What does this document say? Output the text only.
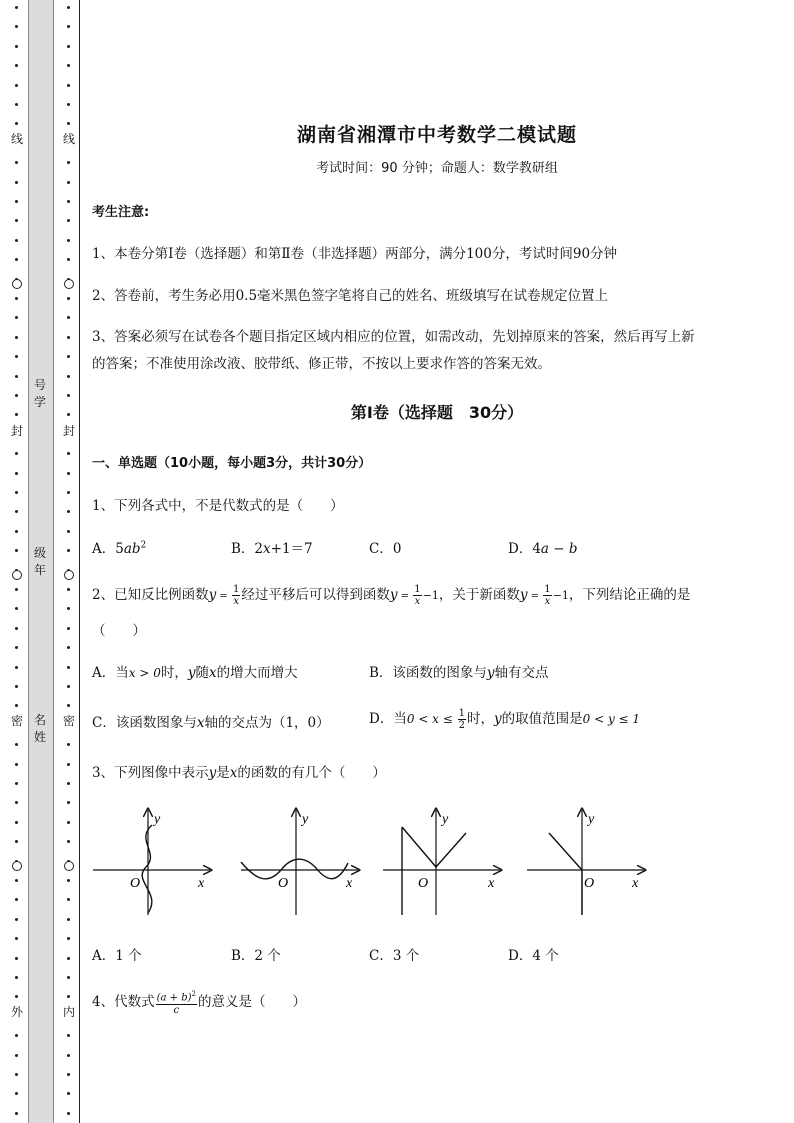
线
封
密
外
线
封
密
内
号
学
级
年
名
姓
湖南省湘潭市中考数学二模试题
考试时间：90 分钟；命题人：数学教研组
考生注意:
1、本卷分第Ⅰ卷（选择题）和第Ⅱ卷（非选择题）两部分，满分100分，考试时间90分钟
2、答卷前，考生务必用0.5毫米黑色签字笔将自己的姓名、班级填写在试卷规定位置上
3、答案必须写在试卷各个题目指定区域内相应的位置，如需改动，先划掉原来的答案，然后再写上新
的答案；不准使用涂改液、胶带纸、修正带，不按以上要求作答的答案无效。
第Ⅰ卷（选择题　30分）
一、单选题（10小题，每小题3分，共计30分）
1、下列各式中，不是代数式的是（　　）
A．$5ab^2$	B．2x+1＝7	C．0	D．4a − b
2、已知反比例函数$y = \frac{1}{x}$ 经过平移后可以得到函数$y = \frac{1}{x} -1$，关于新函数$y = \frac{1}{x} -1$，下列结论正确的是
（　　）
A．当x > 0时，y随x的增大而增大	B．该函数的图象与y轴有交点
C．该函数图象与x轴的交点为（1，0）	D．当$0 < x \le \frac{1}{2}$ 时，y的取值范围是0 < y ≤ 1
3、下列图像中表示y是x的函数的有几个（　　）
y
x
O
y
x
O
y
x
O
y
x
O
A．1 个	B．2 个	C．3 个	D．4 个
4、代数式 $\frac{(a + b)^2}{c}$ 的意义是（　　）
